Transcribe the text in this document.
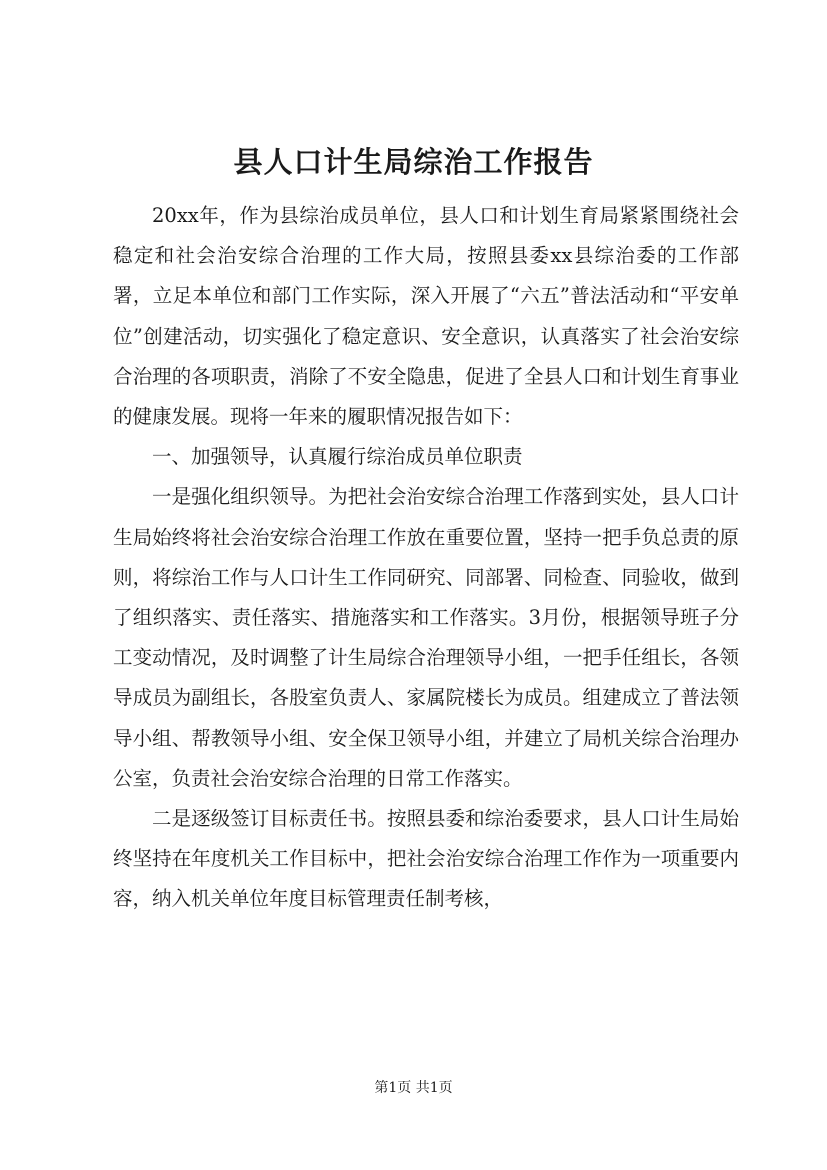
县人口计生局综治工作报告

20xx年，作为县综治成员单位，县人口和计划生育局紧紧围绕社会稳定和社会治安综合治理的工作大局，按照县委xx县综治委的工作部署，立足本单位和部门工作实际，深入开展了“六五”普法活动和“平安单位”创建活动，切实强化了稳定意识、安全意识，认真落实了社会治安综合治理的各项职责，消除了不安全隐患，促进了全县人口和计划生育事业的健康发展。现将一年来的履职情况报告如下：

一、加强领导，认真履行综治成员单位职责

一是强化组织领导。为把社会治安综合治理工作落到实处，县人口计生局始终将社会治安综合治理工作放在重要位置，坚持一把手负总责的原则，将综治工作与人口计生工作同研究、同部署、同检查、同验收，做到了组织落实、责任落实、措施落实和工作落实。3月份，根据领导班子分工变动情况，及时调整了计生局综合治理领导小组，一把手任组长，各领导成员为副组长，各股室负责人、家属院楼长为成员。组建成立了普法领导小组、帮教领导小组、安全保卫领导小组，并建立了局机关综合治理办公室，负责社会治安综合治理的日常工作落实。

二是逐级签订目标责任书。按照县委和综治委要求，县人口计生局始终坚持在年度机关工作目标中，把社会治安综合治理工作作为一项重要内容，纳入机关单位年度目标管理责任制考核，

第1页 共1页
